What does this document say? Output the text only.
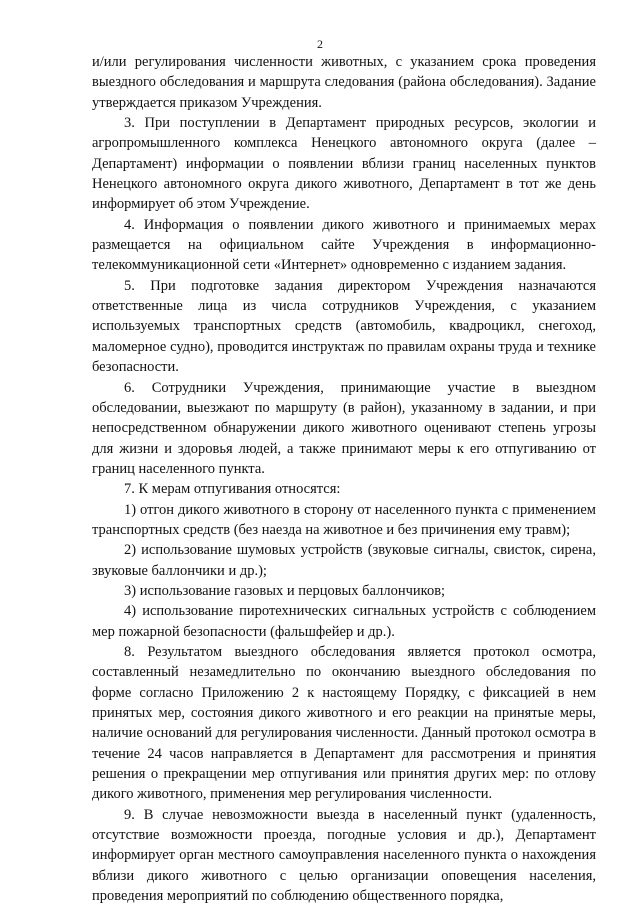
2

и/или регулирования численности животных, с указанием срока проведения выездного обследования и маршрута следования (района обследования). Задание утверждается приказом Учреждения.

3. При поступлении в Департамент природных ресурсов, экологии и агропромышленного комплекса Ненецкого автономного округа (далее – Департамент) информации о появлении вблизи границ населенных пунктов Ненецкого автономного округа дикого животного, Департамент в тот же день информирует об этом Учреждение.

4. Информация о появлении дикого животного и принимаемых мерах размещается на официальном сайте Учреждения в информационно-телекоммуникационной сети «Интернет» одновременно с изданием задания.

5. При подготовке задания директором Учреждения назначаются ответственные лица из числа сотрудников Учреждения, с указанием используемых транспортных средств (автомобиль, квадроцикл, снегоход, маломерное судно), проводится инструктаж по правилам охраны труда и технике безопасности.

6. Сотрудники Учреждения, принимающие участие в выездном обследовании, выезжают по маршруту (в район), указанному в задании, и при непосредственном обнаружении дикого животного оценивают степень угрозы для жизни и здоровья людей, а также принимают меры к его отпугиванию от границ населенного пункта.

7. К мерам отпугивания относятся:

1) отгон дикого животного в сторону от населенного пункта с применением транспортных средств (без наезда на животное и без причинения ему травм);

2) использование шумовых устройств (звуковые сигналы, свисток, сирена, звуковые баллончики и др.);

3) использование газовых и перцовых баллончиков;

4) использование пиротехнических сигнальных устройств с соблюдением мер пожарной безопасности (фальшфейер и др.).

8. Результатом выездного обследования является протокол осмотра, составленный незамедлительно по окончанию выездного обследования по форме согласно Приложению 2 к настоящему Порядку, с фиксацией в нем принятых мер, состояния дикого животного и его реакции на принятые меры, наличие оснований для регулирования численности. Данный протокол осмотра в течение 24 часов направляется в Департамент для рассмотрения и принятия решения о прекращении мер отпугивания или принятия других мер: по отлову дикого животного, применения мер регулирования численности.

9. В случае невозможности выезда в населенный пункт (удаленность, отсутствие возможности проезда, погодные условия и др.), Департамент информирует орган местного самоуправления населенного пункта о нахождения вблизи дикого животного с целью организации оповещения населения, проведения мероприятий по соблюдению общественного порядка,
